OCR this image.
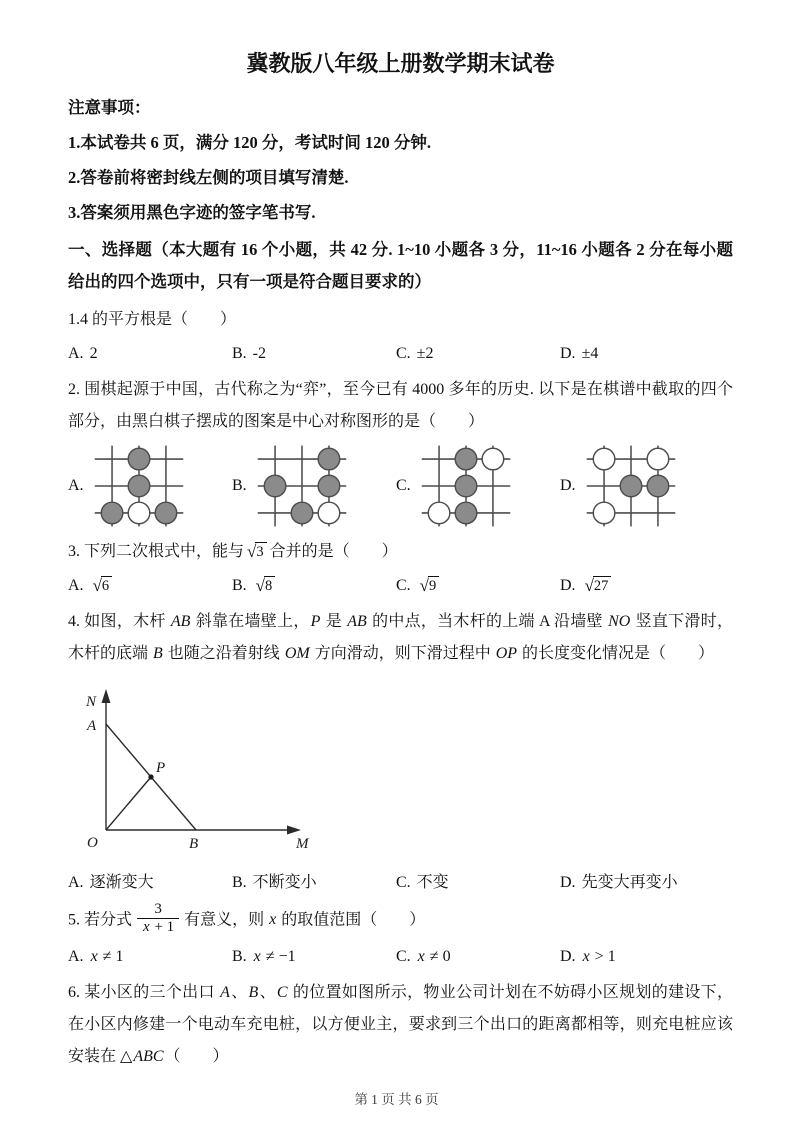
冀教版八年级上册数学期末试卷
注意事项：
1.本试卷共 6 页，满分 120 分，考试时间 120 分钟.
2.答卷前将密封线左侧的项目填写清楚.
3.答案须用黑色字迹的签字笔书写.
一、选择题（本大题有 16 个小题，共 42 分. 1~10 小题各 3 分，11~16 小题各 2 分在每小题给出的四个选项中，只有一项是符合题目要求的）
1.4 的平方根是（　　）
A. 2	B. -2	C. ±2	D. ±4
2. 围棋起源于中国，古代称之为“弈”，至今已有 4000 多年的历史. 以下是在棋谱中截取的四个部分，由黑白棋子摆成的图案是中心对称图形的是（　　）
A.	B.	C.	D.
3. 下列二次根式中，能与 √ 3 合并的是（　　）
A. √ 6	B. √ 8	C. √ 9	D. √ 27
4. 如图，木杆 AB 斜靠在墙壁上，P 是 AB 的中点，当木杆的上端 A 沿墙壁 NO 竖直下滑时，木杆的底端 B 也随之沿着射线 OM 方向滑动，则下滑过程中 OP 的长度变化情况是（　　）
N
A
P
O	B	M
A. 逐渐变大	B. 不断变小	C. 不变	D. 先变大再变小
5. 若分式 $\frac{3}{x + 1}$ 有意义，则 x 的取值范围（　　）
A. x ≠ 1	B. x ≠ −1	C. x ≠ 0	D. x > 1
6. 某小区的三个出口 A、B、C 的位置如图所示，物业公司计划在不妨碍小区规划的建设下，在小区内修建一个电动车充电桩，以方便业主，要求到三个出口的距离都相等，则充电桩应该安装在 △ABC（　　）
第 1 页 共 6 页
